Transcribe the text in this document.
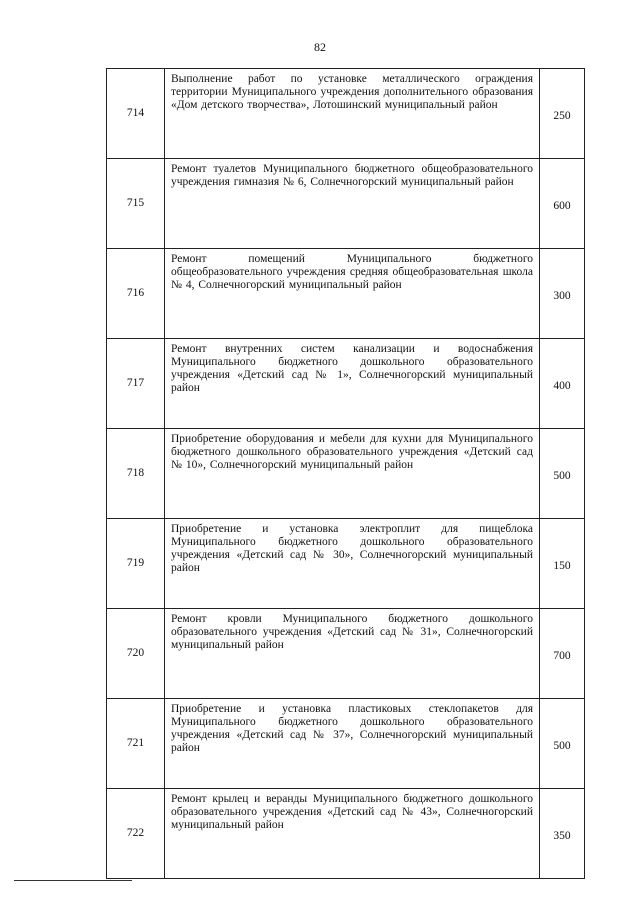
82
714	Выполнение работ по установке металлического ограждения территории Муниципального учреждения дополнительного образования «Дом детского творчества», Лотошинский муниципальный район	250
715	Ремонт туалетов Муниципального бюджетного общеобразовательного учреждения гимназия № 6, Солнечногорский муниципальный район	600
716	Ремонт помещений Муниципального бюджетного общеобразовательного учреждения средняя общеобразовательная школа № 4, Солнечногорский муниципальный район	300
717	Ремонт внутренних систем канализации и водоснабжения Муниципального бюджетного дошкольного образовательного учреждения «Детский сад № 1», Солнечногорский муниципальный район	400
718	Приобретение оборудования и мебели для кухни для Муниципального бюджетного дошкольного образовательного учреждения «Детский сад № 10», Солнечногорский муниципальный район	500
719	Приобретение и установка электроплит для пищеблока Муниципального бюджетного дошкольного образовательного учреждения «Детский сад № 30», Солнечногорский муниципальный район	150
720	Ремонт кровли Муниципального бюджетного дошкольного образовательного учреждения «Детский сад № 31», Солнечногорский муниципальный район	700
721	Приобретение и установка пластиковых стеклопакетов для Муниципального бюджетного дошкольного образовательного учреждения «Детский сад № 37», Солнечногорский муниципальный район	500
722	Ремонт крылец и веранды Муниципального бюджетного дошкольного образовательного учреждения «Детский сад № 43», Солнечногорский муниципальный район	350
